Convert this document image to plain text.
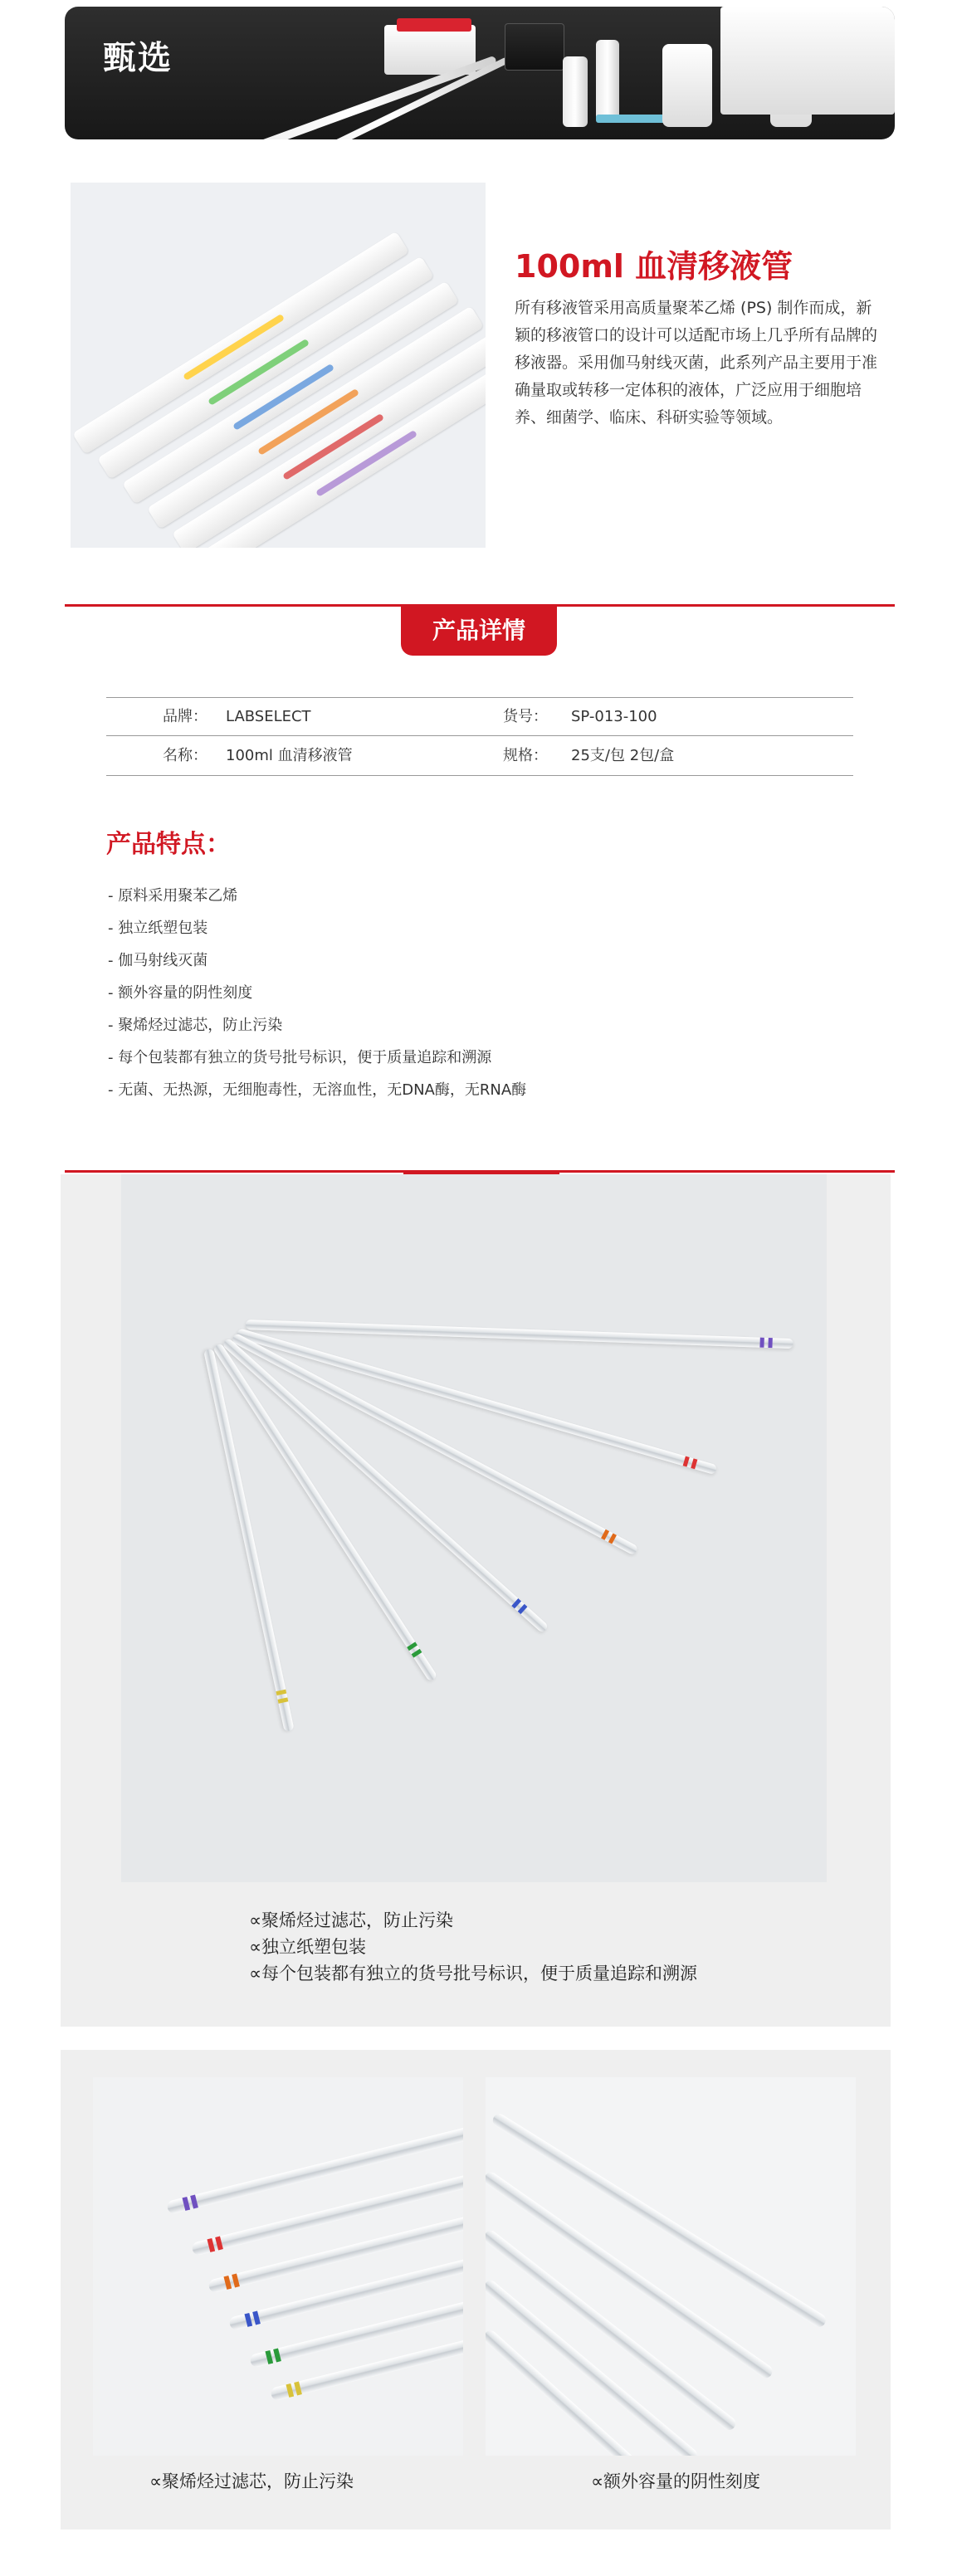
甄选
100ml 血清移液管

所有移液管采用高质量聚苯乙烯 (PS) 制作而成，新颖的移液管口的设计可以适配市场上几乎所有品牌的移液器。采用伽马射线灭菌，此系列产品主要用于准确量取或转移一定体积的液体，广泛应用于细胞培养、细菌学、临床、科研实验等领域。

产品详情
品牌： LABSELECT	货号： SP-013-100
名称： 100ml 血清移液管	规格： 25支/包 2包/盒
产品特点：
- 原料采用聚苯乙烯
- 独立纸塑包装
- 伽马射线灭菌
- 额外容量的阴性刻度
- 聚烯烃过滤芯，防止污染
- 每个包装都有独立的货号批号标识，便于质量追踪和溯源
- 无菌、无热源，无细胞毒性，无溶血性，无DNA酶，无RNA酶
∝聚烯烃过滤芯，防止污染
∝独立纸塑包装
∝每个包装都有独立的货号批号标识，便于质量追踪和溯源
∝聚烯烃过滤芯，防止污染	∝额外容量的阴性刻度
